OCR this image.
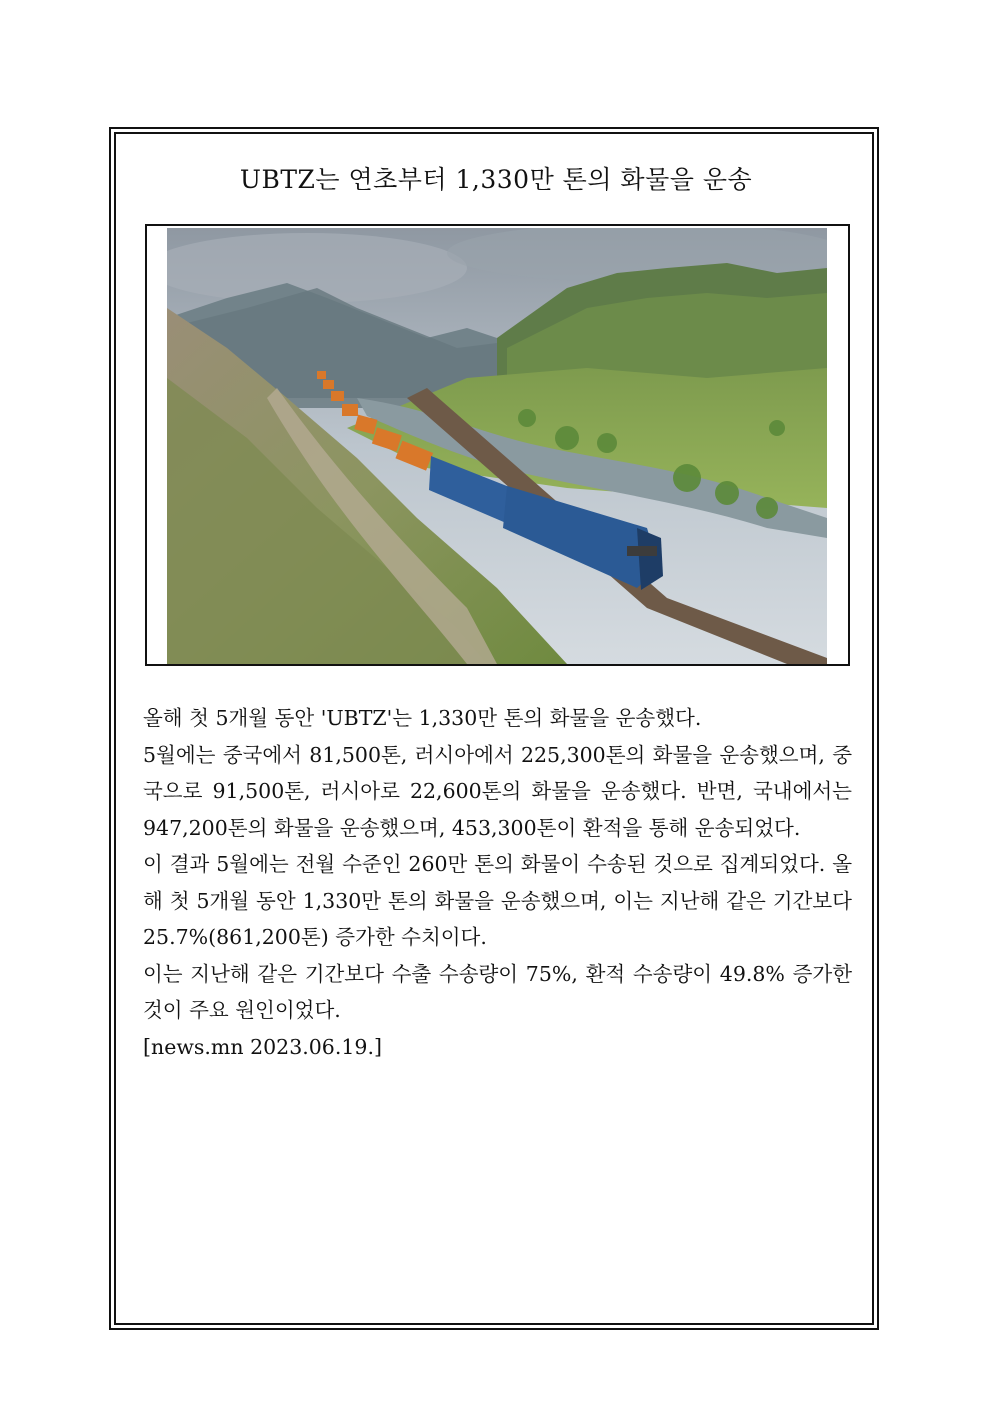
UBTZ는 연초부터 1,330만 톤의 화물을 운송

올해 첫 5개월 동안 'UBTZ'는 1,330만 톤의 화물을 운송했다.

5월에는 중국에서 81,500톤, 러시아에서 225,300톤의 화물을 운송했으며, 중국으로 91,500톤, 러시아로 22,600톤의 화물을 운송했다. 반면, 국내에서는 947,200톤의 화물을 운송했으며, 453,300톤이 환적을 통해 운송되었다.

이 결과 5월에는 전월 수준인 260만 톤의 화물이 수송된 것으로 집계되었다. 올해 첫 5개월 동안 1,330만 톤의 화물을 운송했으며, 이는 지난해 같은 기간보다 25.7%(861,200톤) 증가한 수치이다.

이는 지난해 같은 기간보다 수출 수송량이 75%, 환적 수송량이 49.8% 증가한 것이 주요 원인이었다.

[news.mn 2023.06.19.]
